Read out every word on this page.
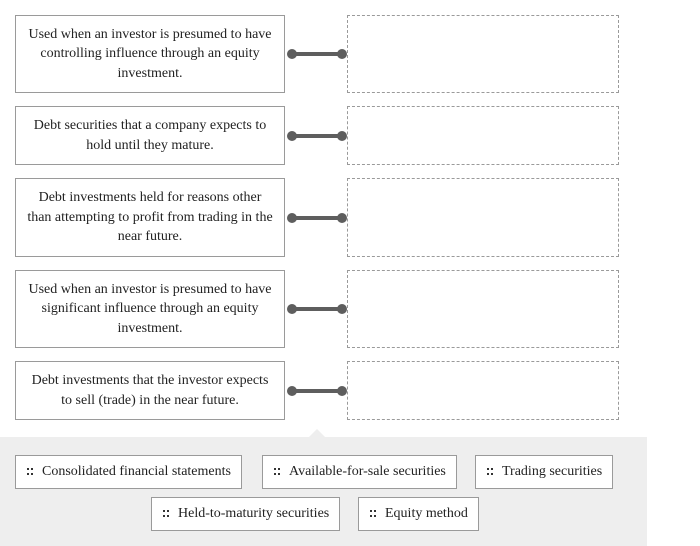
Used when an investor is presumed to have controlling influence through an equity investment.
Debt securities that a company expects to hold until they mature.
Debt investments held for reasons other than attempting to profit from trading in the near future.
Used when an investor is presumed to have significant influence through an equity investment.
Debt investments that the investor expects to sell (trade) in the near future.
Consolidated financial statements	Available-for-sale securities	Trading securities
Held-to-maturity securities	Equity method
